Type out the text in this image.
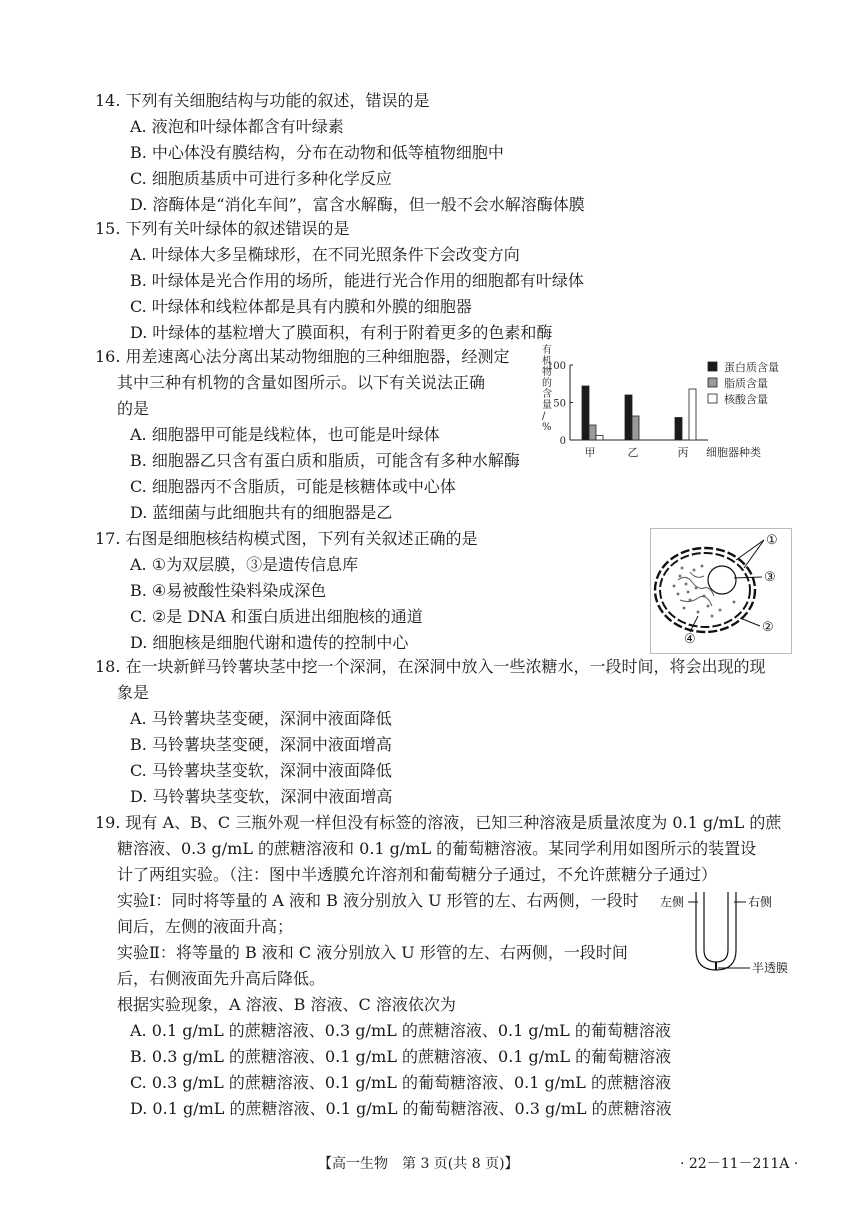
14. 下列有关细胞结构与功能的叙述，错误的是
A. 液泡和叶绿体都含有叶绿素
B. 中心体没有膜结构，分布在动物和低等植物细胞中
C. 细胞质基质中可进行多种化学反应
D. 溶酶体是“消化车间”，富含水解酶，但一般不会水解溶酶体膜
15. 下列有关叶绿体的叙述错误的是
A. 叶绿体大多呈椭球形，在不同光照条件下会改变方向
B. 叶绿体是光合作用的场所，能进行光合作用的细胞都有叶绿体
C. 叶绿体和线粒体都是具有内膜和外膜的细胞器
D. 叶绿体的基粒增大了膜面积，有利于附着更多的色素和酶
16. 用差速离心法分离出某动物细胞的三种细胞器，经测定
其中三种有机物的含量如图所示。以下有关说法正确
的是
A. 细胞器甲可能是线粒体，也可能是叶绿体
B. 细胞器乙只含有蛋白质和脂质，可能含有多种水解酶
C. 细胞器丙不含脂质，可能是核糖体或中心体
D. 蓝细菌与此细胞共有的细胞器是乙
有机物的含量/ %
0
50
100
甲	乙	丙 细胞器种类
蛋白质含量
脂质含量
核酸含量
17. 右图是细胞核结构模式图，下列有关叙述正确的是
A. ①为双层膜，③是遗传信息库
B. ④易被酸性染料染成深色
C. ②是 DNA 和蛋白质进出细胞核的通道
D. 细胞核是细胞代谢和遗传的控制中心
①
③
②
④
18. 在一块新鲜马铃薯块茎中挖一个深洞，在深洞中放入一些浓糖水，一段时间，将会出现的现
象是
A. 马铃薯块茎变硬，深洞中液面降低
B. 马铃薯块茎变硬，深洞中液面增高
C. 马铃薯块茎变软，深洞中液面降低
D. 马铃薯块茎变软，深洞中液面增高
19. 现有 A、B、C 三瓶外观一样但没有标签的溶液，已知三种溶液是质量浓度为 0.1 g/mL 的蔗
糖溶液、0.3 g/mL 的蔗糖溶液和 0.1 g/mL 的葡萄糖溶液。某同学利用如图所示的装置设
计了两组实验。（注：图中半透膜允许溶剂和葡萄糖分子通过，不允许蔗糖分子通过）
实验Ⅰ：同时将等量的 A 液和 B 液分别放入 U 形管的左、右两侧，一段时
间后，左侧的液面升高；
实验Ⅱ：将等量的 B 液和 C 液分别放入 U 形管的左、右两侧，一段时间
后，右侧液面先升高后降低。
根据实验现象，A 溶液、B 溶液、C 溶液依次为
A. 0.1 g/mL 的蔗糖溶液、0.3 g/mL 的蔗糖溶液、0.1 g/mL 的葡萄糖溶液
B. 0.3 g/mL 的蔗糖溶液、0.1 g/mL 的蔗糖溶液、0.1 g/mL 的葡萄糖溶液
C. 0.3 g/mL 的蔗糖溶液、0.1 g/mL 的葡萄糖溶液、0.1 g/mL 的蔗糖溶液
D. 0.1 g/mL 的蔗糖溶液、0.1 g/mL 的葡萄糖溶液、0.3 g/mL 的蔗糖溶液
左侧	右侧
半透膜
【高一生物　第 3 页(共 8 页)】	· 22－11－211A ·
